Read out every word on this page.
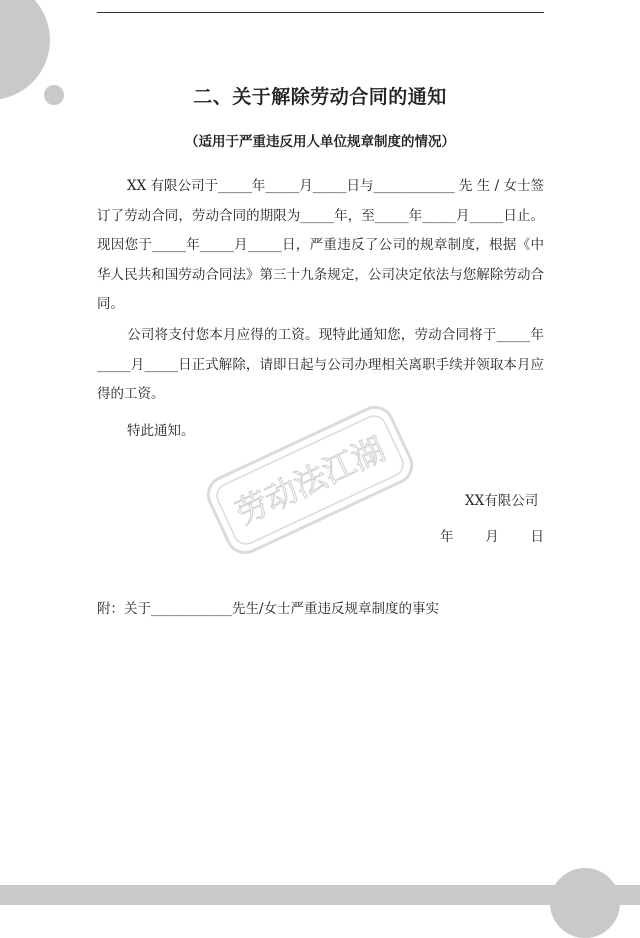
二、关于解除劳动合同的通知
（适用于严重违反用人单位规章制度的情况）
XX 有限公司于_____年_____月_____日与____________ 先 生 / 女士签订了劳动合同，劳动合同的期限为_____年，至_____年_____月_____日止。现因您于_____年_____月_____日，严重违反了公司的规章制度，根据《中华人民共和国劳动合同法》第三十九条规定，公司决定依法与您解除劳动合同。
公司将支付您本月应得的工资。现特此通知您，劳动合同将于_____年_____月_____日正式解除，请即日起与公司办理相关离职手续并领取本月应得的工资。
特此通知。
XX有限公司
年 月 日
附：关于____________先生/女士严重违反规章制度的事实
劳动法江湖
